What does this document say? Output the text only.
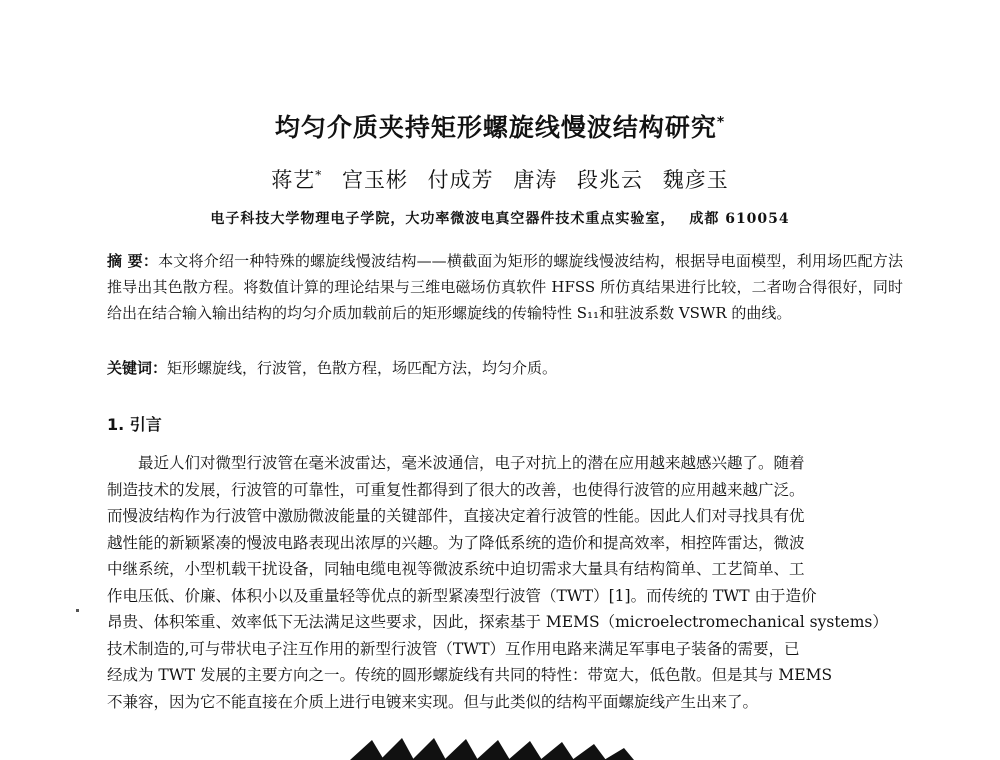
均匀介质夹持矩形螺旋线慢波结构研究*
蒋艺* 宫玉彬 付成芳 唐涛 段兆云 魏彦玉
电子科技大学物理电子学院，大功率微波电真空器件技术重点实验室， 成都 610054
摘 要：本文将介绍一种特殊的螺旋线慢波结构——横截面为矩形的螺旋线慢波结构，根据导电面模型，利用场匹配方法推导出其色散方程。将数值计算的理论结果与三维电磁场仿真软件 HFSS 所仿真结果进行比较，二者吻合得很好，同时给出在结合输入输出结构的均匀介质加载前后的矩形螺旋线的传输特性 S₁₁和驻波系数 VSWR 的曲线。
关键词：矩形螺旋线，行波管，色散方程，场匹配方法，均匀介质。
1. 引言
最近人们对微型行波管在毫米波雷达，毫米波通信，电子对抗上的潜在应用越来越感兴趣了。随着
制造技术的发展，行波管的可靠性，可重复性都得到了很大的改善，也使得行波管的应用越来越广泛。
而慢波结构作为行波管中激励微波能量的关键部件，直接决定着行波管的性能。因此人们对寻找具有优
越性能的新颖紧凑的慢波电路表现出浓厚的兴趣。为了降低系统的造价和提高效率，相控阵雷达，微波
中继系统，小型机载干扰设备，同轴电缆电视等微波系统中迫切需求大量具有结构简单、工艺简单、工
作电压低、价廉、体积小以及重量轻等优点的新型紧凑型行波管（TWT）[1]。而传统的 TWT 由于造价
昂贵、体积笨重、效率低下无法满足这些要求，因此，探索基于 MEMS（microelectromechanical systems）
技术制造的,可与带状电子注互作用的新型行波管（TWT）互作用电路来满足军事电子装备的需要，已
经成为 TWT 发展的主要方向之一。传统的圆形螺旋线有共同的特性：带宽大，低色散。但是其与 MEMS
不兼容，因为它不能直接在介质上进行电镀来实现。但与此类似的结构平面螺旋线产生出来了。
